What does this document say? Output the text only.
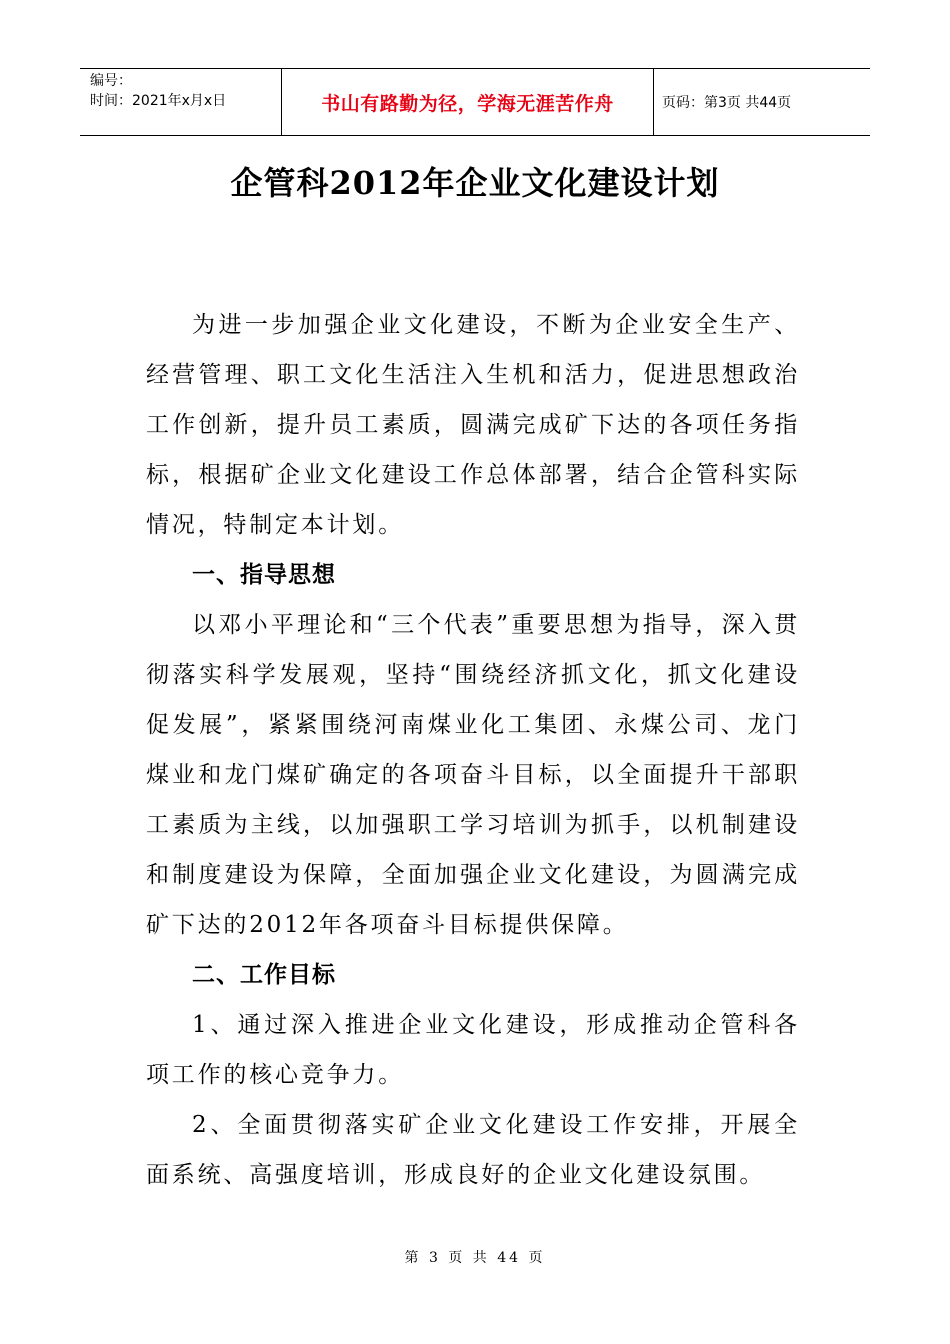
编号：
时间：2021年x月x日	书山有路勤为径，学海无涯苦作舟	页码：第3页 共44页
企管科2012年企业文化建设计划

为进一步加强企业文化建设，不断为企业安全生产、经营管理、职工文化生活注入生机和活力，促进思想政治工作创新，提升员工素质，圆满完成矿下达的各项任务指标，根据矿企业文化建设工作总体部署，结合企管科实际情况，特制定本计划。

一、指导思想

以邓小平理论和“三个代表”重要思想为指导，深入贯彻落实科学发展观，坚持“围绕经济抓文化，抓文化建设促发展”，紧紧围绕河南煤业化工集团、永煤公司、龙门煤业和龙门煤矿确定的各项奋斗目标，以全面提升干部职工素质为主线，以加强职工学习培训为抓手，以机制建设和制度建设为保障，全面加强企业文化建设，为圆满完成矿下达的2012年各项奋斗目标提供保障。

二、工作目标

1、通过深入推进企业文化建设，形成推动企管科各项工作的核心竞争力。

2、全面贯彻落实矿企业文化建设工作安排，开展全面系统、高强度培训，形成良好的企业文化建设氛围。

第 3 页 共 44 页
